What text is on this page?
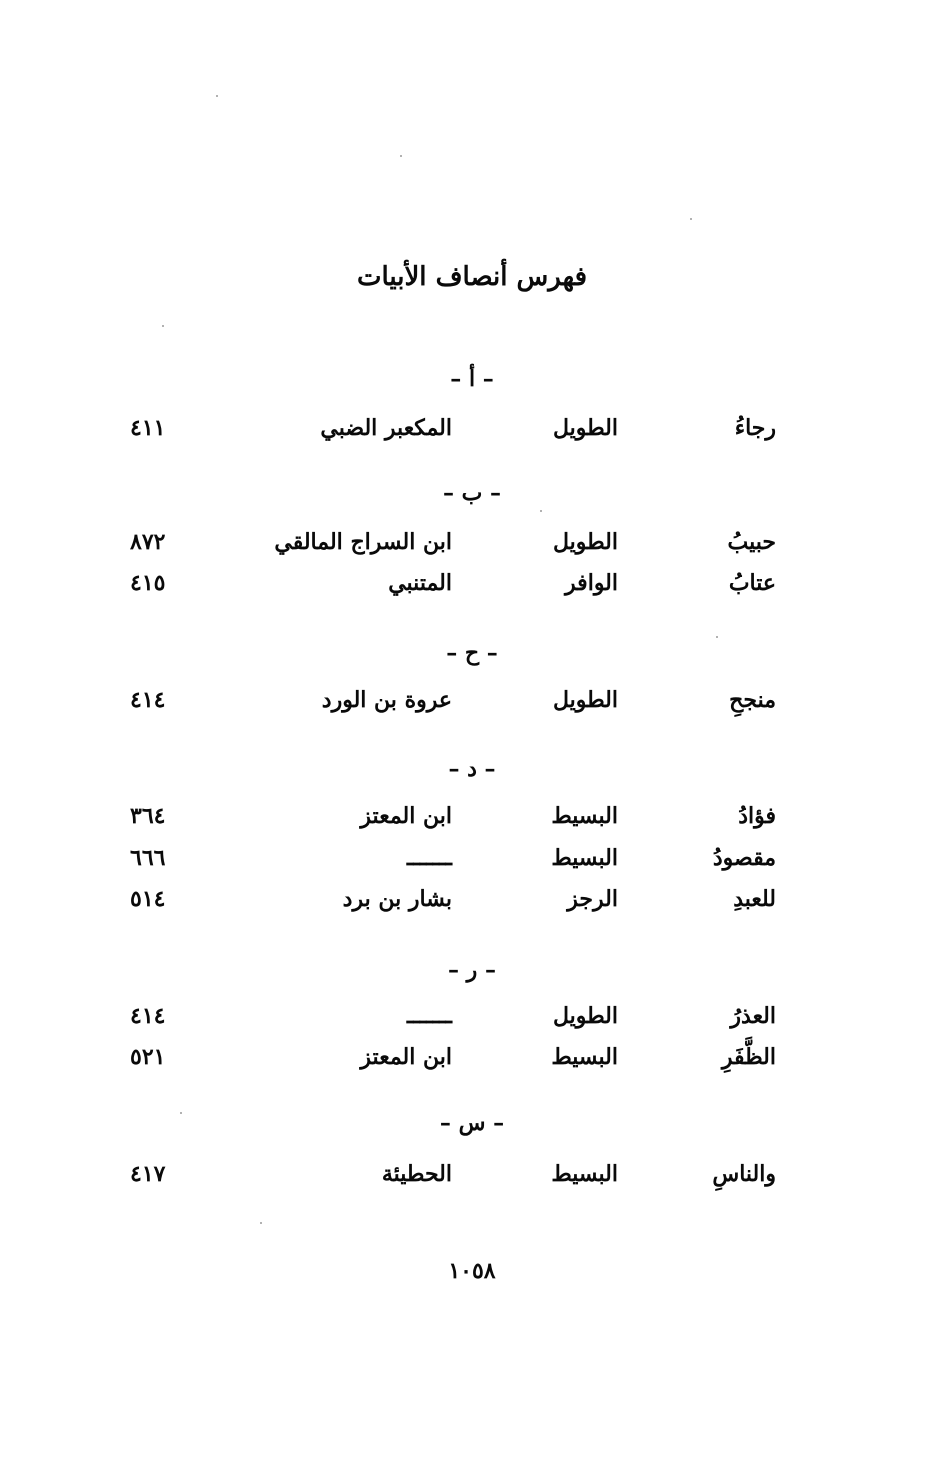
فهرس أنصاف الأبيات
– أ –
رجاءُ
الطويل
المكعبر الضبي
٤١١
– ب –
حبيبُ
الطويل
ابن السراج المالقي
٨٧٢
عتابُ
الوافر
المتنبي
٤١٥
– ح –
منجحِ
الطويل
عروة بن الورد
٤١٤
– د –
فؤادُ
البسيط
ابن المعتز
٣٦٤
مقصودُ
البسيط
ـــــــ
٦٦٦
للعبدِ
الرجز
بشار بن برد
٥١٤
– ر –
العذرُ
الطويل
ـــــــ
٤١٤
الظَّفَرِ
البسيط
ابن المعتز
٥٢١
– س –
والناسِ
البسيط
الحطيئة
٤١٧
١٠٥٨
